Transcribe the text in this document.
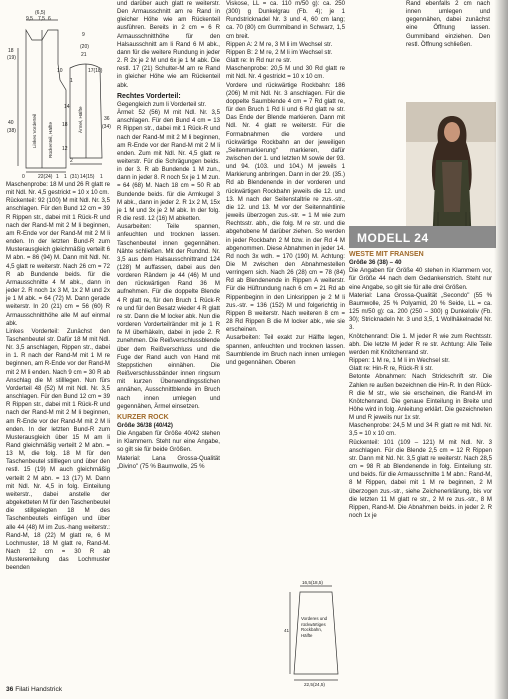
(6,5)
9,5 7,5 6
9
(20)
21
18
(19)
40
(38)
10
14
17(18)
18
12
1
2
36
(34)
0	22(24) 1 1 (31) 14(15) 1
Linkes Vorderteil Rückenteil, Hälfte
Ärmel, Hälfte

Maschenprobe: 18 M und 26 R glatt re mit Ndl. Nr. 4,5 gestrickt = 10 x 10 cm.

Rückenteil: 92 (100) M mit Ndl. Nr. 3,5 anschlagen. Für den Bund 12 cm = 39 R Rippen str., dabei mit 1 Rück-R und nach der Rand-M mit 2 M li beginnen, am R-Ende vor der Rand-M mit 2 M li enden. In der letzten Bund-R zum Musterausgleich gleichmäßig verteilt 6 M abn. = 86 (94) M. Dann mit Ndl. Nr. 4,5 glatt re weiterstr. Nach 26 cm = 72 R ab Bundende beids. für die Armausschnitte 4 M abk., dann in jeder 2. R noch 1x 3 M, 1x 2 M und 2x je 1 M abk. = 64 (72) M. Dann gerade weiterstr. In 20 (21) cm = 56 (60) R Armausschnitthöhe alle M auf einmal abk.

Linkes Vorderteil: Zunächst den Taschenbeutel str. Dafür 18 M mit Ndl. Nr. 3,5 anschlagen, Rippen str., dabei in 1. R nach der Rand-M mit 1 M re beginnen, am R-Ende vor der Rand-M mit 2 M li enden. Nach 9 cm = 30 R ab Anschlag die M stilllegen. Nun fürs Vorderteil 48 (52) M mit Ndl. Nr. 3,5 anschlagen. Für den Bund 12 cm = 39 R Rippen str., dabei mit 1 Rück-R und nach der Rand-M mit 2 M li beginnen, am R-Ende vor der Rand-M mit 2 M li enden. In der letzten Bund-R zum Musterausgleich über 15 M am li Rand gleichmäßig verteilt 2 M abn. = 13 M, die folg. 18 M für den Taschenbeutel stilllegen und über den restl. 15 (19) M auch gleichmäßig verteilt 2 M abn. = 13 (17) M. Dann mit Ndl. Nr. 4,5 in folg. Einteilung weiterstr., dabei anstelle der abgeketteten M für den Taschenbeutel die stillgelegten 18 M des Taschenbeutels einfügen und über alle 44 (48) M im Zus.-hang weiterstr.: Rand-M, 18 (22) M glatt re, 6 M Lochmuster, 18 M glatt re, Rand-M. Nach 12 cm = 30 R ab Musterenteilung das Lochmuster beenden

und darüber auch glatt re weiterstr. Den Armausschnitt am re Rand in gleicher Höhe wie am Rückenteil ausführen. Bereits in 2 cm = 6 R Armausschnitthöhe für den Halsausschnitt am li Rand 6 M abk., dann für die weitere Rundung in jeder 2. R 2x je 2 M und 6x je 1 M abk. Die restl. 17 (21) Schulter-M am re Rand in gleicher Höhe wie am Rückenteil abk.

Rechtes Vorderteil:

Gegengleich zum li Vorderteil str.

Ärmel: 52 (56) M mit Ndl. Nr. 3,5 anschlagen. Für den Bund 4 cm = 13 R Rippen str., dabei mit 1 Rück-R und nach der Rand-M mit 2 M li beginnen, am R-Ende vor der Rand-M mit 2 M li enden. Zum mit Ndl. Nr. 4,5 glatt re weiterstr. Für die Schrägungen beids. in der 3. R ab Bundende 1 M zun., dann in jeder 8. R noch 5x je 1 M zun. = 64 (68) M. Nach 18 cm = 50 R ab Bundende beids. für die Armkugel 3 M abk., dann in jeder 2. R 1x 2 M, 15x je 1 M und 3x je 2 M abk. In der folg. R die restl. 12 (16) M abketten.

Ausarbeiten: Teile spannen, anfeuchten und trocknen lassen. Taschenbeutel innen gegennähen. Nähte schließen. Mit der Rundnd. Nr. 3,5 aus dem Halsausschnittrand 124 (128) M auffassen, dabei aus den vorderen Rändern je 44 (46) M und den rückwärtigen Rand 36 M aufnehmen. Für die doppelte Blende 4 R glatt re, für den Bruch 1 Rück-R re und für den Besatz wieder 4 R glatt re str. Dann die M locker abk. Nun die vorderen Vorderteilränder mit je 1 R fe M überhäkeln, dabei in jede 2. R zunehmen. Die Reißverschlussblende über dem Reißverschluss und die Fuge der Rand auch von Hand mit Steppstichen einnähen. Die Reißverschlussbänder innen ringsum mit kurzen Überwendlingsstichen annähen, Ausschnittblende im Bruch nach innen umlegen und gegennähen, Ärmel einsetzen.

KURZER ROCK

Größe 36/38 (40/42)

Die Angaben für Größe 40/42 stehen in Klammern. Steht nur eine Angabe, so gilt sie für beide Größen.

Material: Lana Grossa-Qualität „Divino" (75 % Baumwolle, 25 %

Viskose, LL = ca. 110 m/50 g): ca. 250 (300) g Dunkelgrau (Fb. 4); je 1 Rundstricknadel Nr. 3 und 4, 60 cm lang; ca. 70 (80) cm Gummiband in Schwarz, 1,5 cm breit.

Rippen A: 2 M re, 3 M li im Wechsel str.

Rippen B: 2 M re, 2 M li im Wechsel str.

Glatt re: In Rd nur re str.

Maschenprobe: 20,5 M und 30 Rd glatt re mit Ndl. Nr. 4 gestrickt = 10 x 10 cm.

Vordere und rückwärtige Rockbahn: 186 (206) M mit Ndl. Nr. 3 anschlagen. Für die doppelte Saumblende 4 cm = 7 Rd glatt re, für den Bruch 1 Rd li und 6 Rd glatt re str. Das Ende der Blende markieren. Dann mit Ndl. Nr. 4 glatt re weiterstr. Für die Formabnahmen die vordere und rückwärtige Rockbahn an der jeweiligen „Seitenmarkierung" markieren, dafür zwischen der 1. und letzten M sowie der 93. und 94. (103. und 104.) M jeweils 1 Markierung anbringen. Dann in der 29. (35.) Rd ab Blendenende in der vorderen und rückwärtigen Rockbahn jeweils die 12. und 13. M nach der Seitenstaltrie re zus.-str., die 12. und 13. M vor der Seitennahtlinie jeweils überzogen zus.-str. = 1 M wie zum Rechtsstr. abh., die folg. M re str. und die abgehobene M darüber ziehen. So werden in jeder Rockbahn 2 M bzw. in der Rd 4 M abgenommen. Diese Abnahmen in jeder 14. Rd noch 3x wdh. = 170 (190) M. Achtung: Die M zwischen den Abnahmestellen verringern sich. Nach 26 (28) cm = 78 (84) Rd ab Blendenende in Rippen A weiterstr. Für die Hüftrundung nach 6 cm = 21 Rd ab Rippenbeginn in den Linksrippen je 2 M li zus.-str. = 136 (152) M und folgerichtig in Rippen B weiterstr. Nach weiteren 8 cm = 28 Rd Rippen B die M locker abk., wie sie erscheinen.

Ausarbeiten: Teil exakt zur Hälfte legen, spannen, anfeuchten und trocknen lassen. Saumblende im Bruch nach innen umlegen und gegennähen. Oberen

16,5(18,5)
41
22,5(24,5)
Vorderes und rückwärtiges Rockbahn, Hälfte

Rand ebenfalls 2 cm nach innen umlegen und gegennähen, dabei zunächst eine Öffnung lassen. Gummiband einziehen. Den restl. Öffnung schließen.

MODELL 24

WESTE MIT FRANSEN

Größe 36 (38) – 40

Die Angaben für Größe 40 stehen in Klammern vor, für Größe 44 nach dem Gedankenstrich. Steht nur eine Angabe, so gilt sie für alle drei Größen.

Material: Lana Grossa-Qualität „Secondo" (55 % Baumwolle, 25 % Polyamid, 20 % Seide, LL = ca. 125 m/50 g): ca. 200 (250 – 300) g Dunkeloliv (Fb. 30); Stricknadeln Nr. 3 und 3,5, 1 Wollhäkelnadel Nr. 3.

Knötchenrand: Die 1. M jeder R wie zum Rechtsstr. abh. Die letzte M jeder R re str. Achtung: Alle Teile werden mit Knötchenrand str.

Rippen: 1 M re, 1 M li im Wechsel str.

Glatt re: Hin-R re, Rück-R li str.

Betonte Abnahmen: Nach Strickschrift str. Die Zahlen re außen bezeichnen die Hin-R. In den Rück-R die M str., wie sie erscheinen, die Rand-M im Knötchenrand. Die genaue Einteilung in Breite und Höhe wird in folg. Anleitung erklärt. Die gezeichneten M und R jeweils nur 1x str.

Maschenprobe: 24,5 M und 34 R glatt re mit Ndl. Nr. 3,5 = 10 x 10 cm.

Rückenteil: 101 (109 – 121) M mit Ndl. Nr. 3 anschlagen. Für die Blende 2,5 cm = 12 R Rippen str. Dann mit Nd. Nr. 3,5 glatt re weiterstr. Nach 28,5 cm = 98 R ab Blendenende in folg. Einteilung str. und beids. für die Armausschnitte 1 M abn.: Rand-M, 8 M Rippen, dabei mit 1 M re beginnen, 2 M überzogen zus.-str., siehe Zeichenerklärung, bis vor die letzten 11 M glatt re str., 2 M re zus.-str., 8 M Rippen, Rand-M. Die Abnahmen beids. in jeder 2. R noch 1x je

36 Filati Handstrick
